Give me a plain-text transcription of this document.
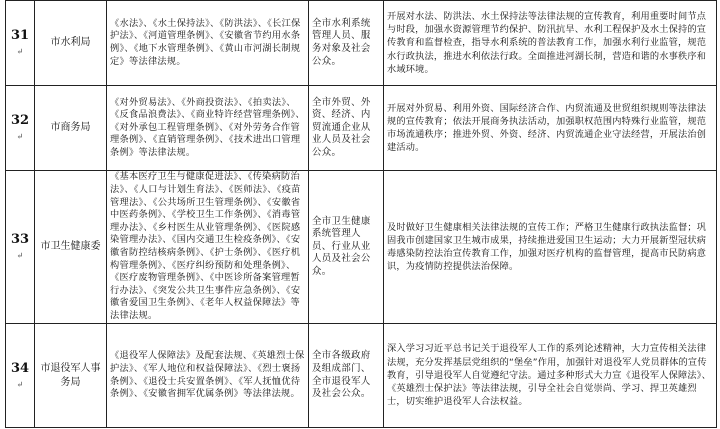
31↵	市水利局	《水法》、《水土保持法》、《防洪法》、《长江保护法》、《河道管理条例》、《安徽省节约用水条例》、《地下水管理条例》、《黄山市河湖长制规定》等法律法规。	全市水利系统管理人员、服务对象及社会公众。	开展对水法、防洪法、水土保持法等法律法规的宣传教育，利用重要时间节点与时段，加强水资源管理节约保护、防汛抗旱、水利工程保护及水土保持的宣传教育和监督检查，指导水利系统的普法教育工作，加强水利行业监管，规范水行政执法，推进水利依法行政。全面推进河湖长制，营造和谐的水事秩序和水域环境。
32↵	市商务局	《对外贸易法》、《外商投资法》、《拍卖法》、《反食品浪费法》、《商业特许经营管理条例》、《对外承包工程管理条例》、《对外劳务合作管理条例》、《直销管理条例》、《技术进出口管理条例》等法律法规。	全市外贸、外资、经济、内贸流通企业从业人员及社会公众。	开展对外贸易、利用外资、国际经济合作、内贸流通及世贸组织规则等法律法规的宣传教育；依法开展商务执法活动，加强职权范围内特殊行业监管，规范市场流通秩序；推进外贸、外资、经济、内贸流通企业守法经营，开展法治创建活动。
33↵	市卫生健康委	《基本医疗卫生与健康促进法》、《传染病防治法》、《人口与计划生育法》、《医师法》、《疫苗管理法》、《公共场所卫生管理条例》、《安徽省中医药条例》、《学校卫生工作条例》、《消毒管理办法》、《乡村医生从业管理条例》、《医院感染管理办法》、《国内交通卫生检疫条例》、《安徽省防控结核病条例》、《护士条例》、《医疗机构管理条例》、《医疗纠纷预防和处理条例》、《医疗废物管理条例》、《中医诊所备案管理暂行办法》、《突发公共卫生事件应急条例》、《安徽省爱国卫生条例》、《老年人权益保障法》等法律法规。	全市卫生健康系统管理人员、行业从业人员及社会公众。	及时做好卫生健康相关法律法规的宣传工作；严格卫生健康行政执法监督；巩固我市创建国家卫生城市成果，持续推进爱国卫生运动；大力开展新型冠状病毒感染防控法治宣传教育工作，加强对医疗机构的监督管理，提高市民防病意识，为疫情防控提供法治保障。
34↵	市退役军人事务局	《退役军人保障法》及配套法规、《英雄烈士保护法》、《军人地位和权益保障法》、《烈士褒扬条例》、《退役士兵安置条例》、《军人抚恤优待条例》、《安徽省拥军优属条例》等法律法规。	全市各级政府及组成部门、全市退役军人及社会公众。	深入学习习近平总书记关于退役军人工作的系列论述精神，大力宣传相关法律法规，充分发挥基层党组织的“堡垒”作用，加强针对退役军人党员群体的宣传教育，引导退役军人自觉遵纪守法。通过多种形式大力宣《退役军人保障法》、《英雄烈士保护法》等法律法规，引导全社会自觉崇尚、学习、捍卫英雄烈士，切实维护退役军人合法权益。
